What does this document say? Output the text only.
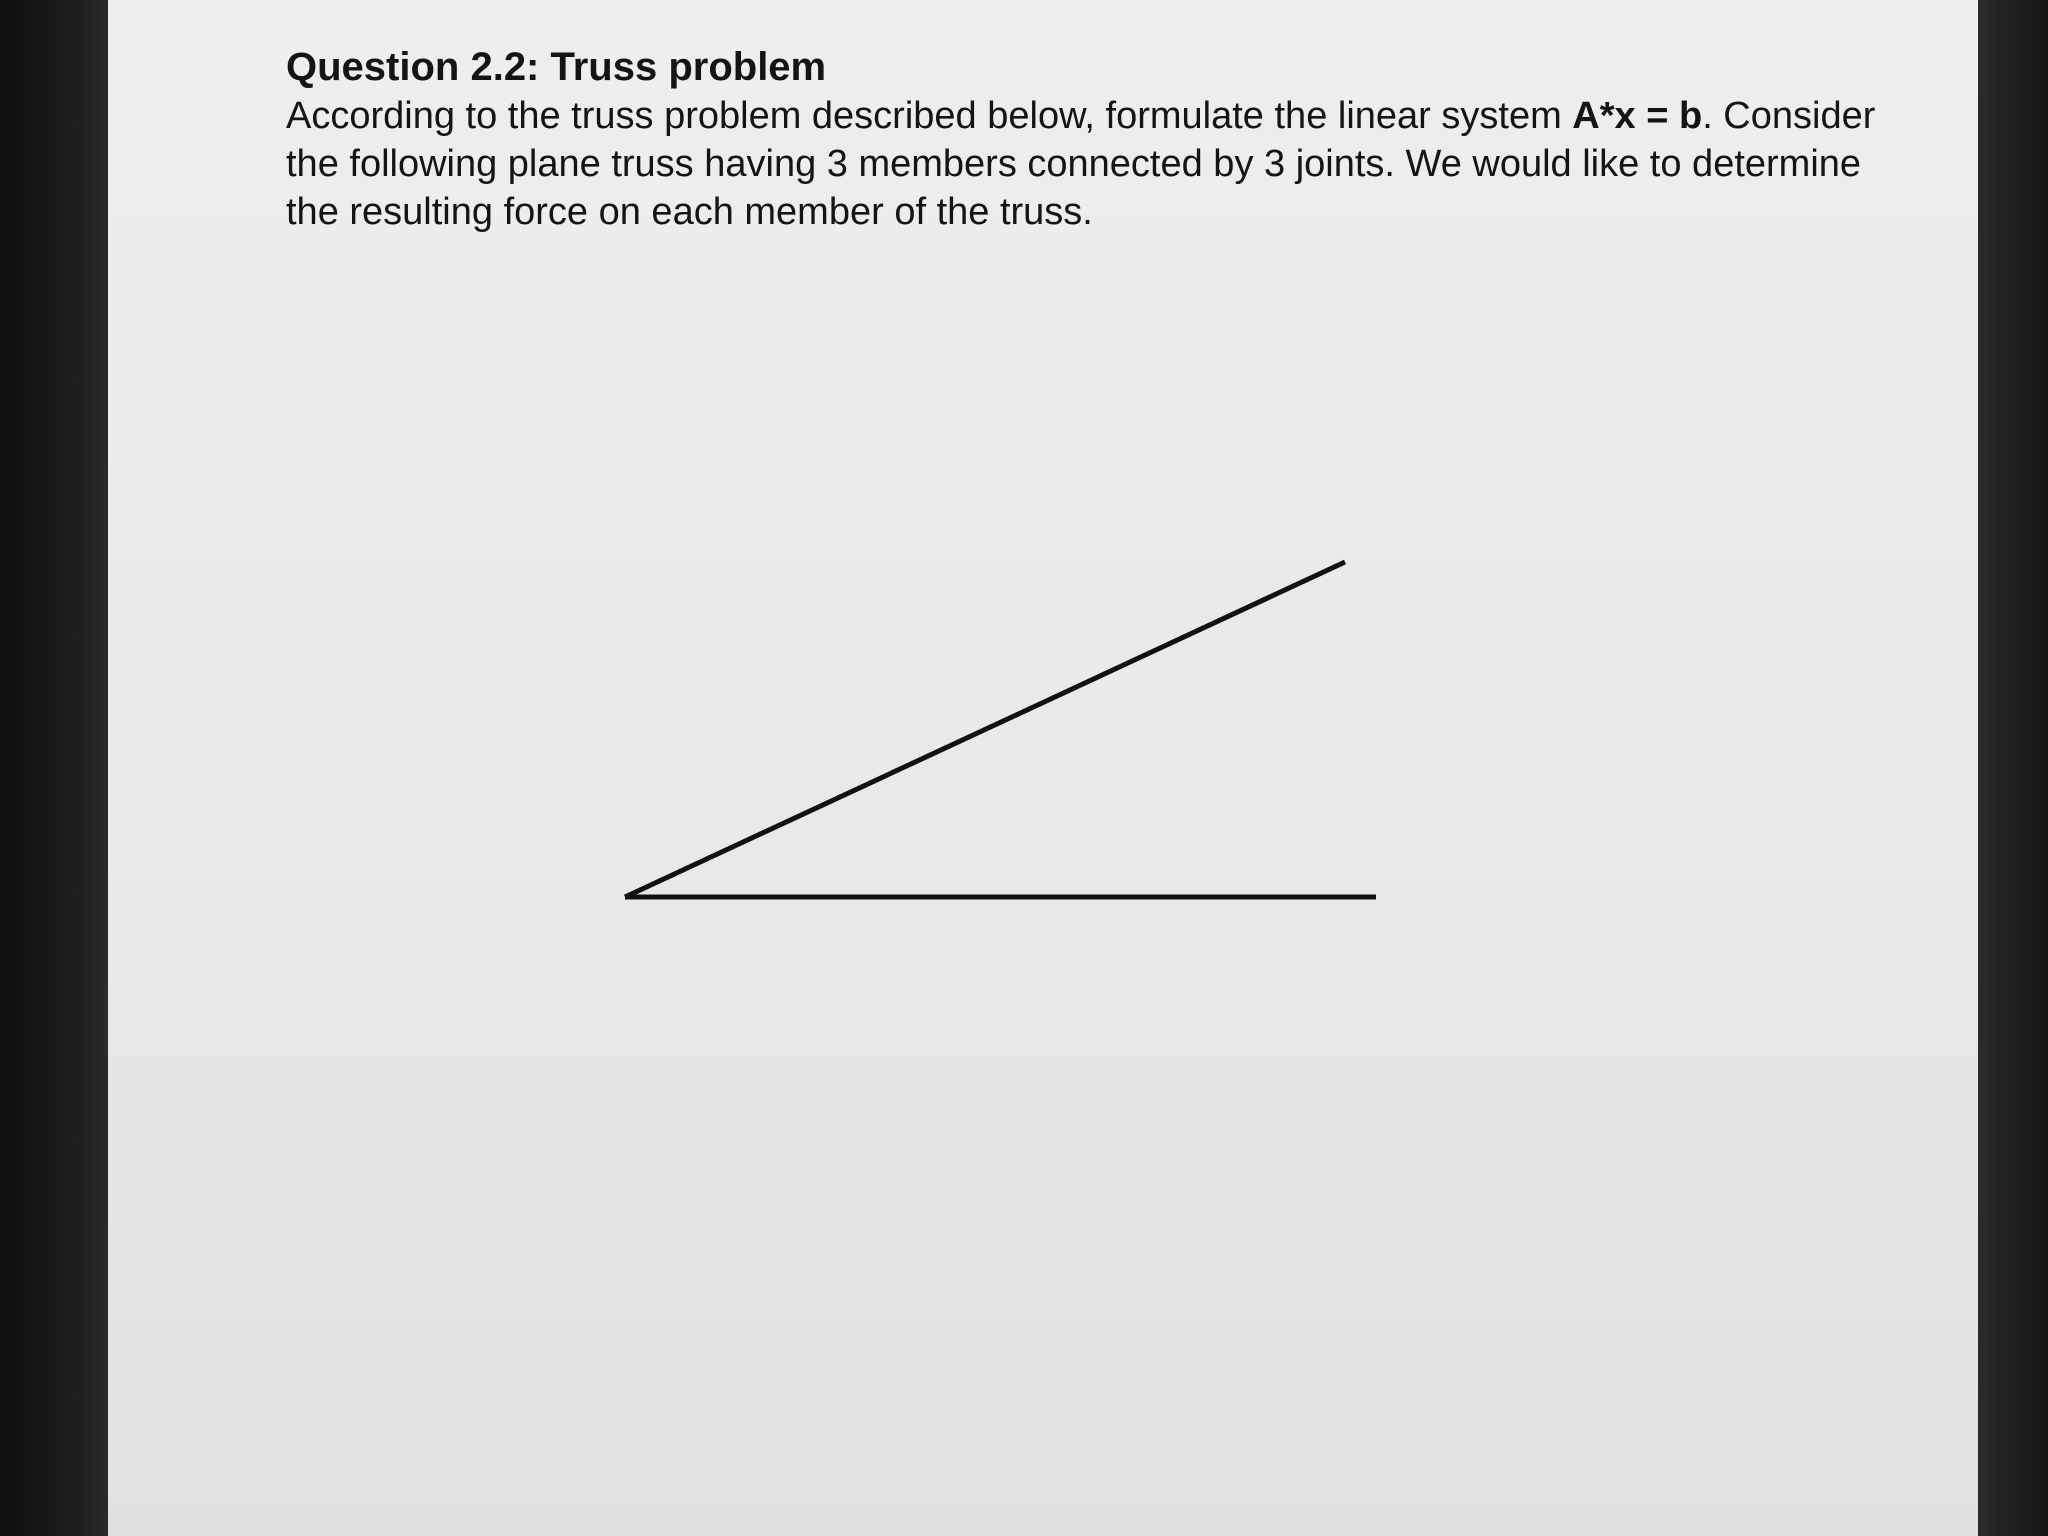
Question 2.2: Truss problem

According to the truss problem described below, formulate the linear system A*x = b. Consider the following plane truss having 3 members connected by 3 joints. We would like to determine the resulting force on each member of the truss.
